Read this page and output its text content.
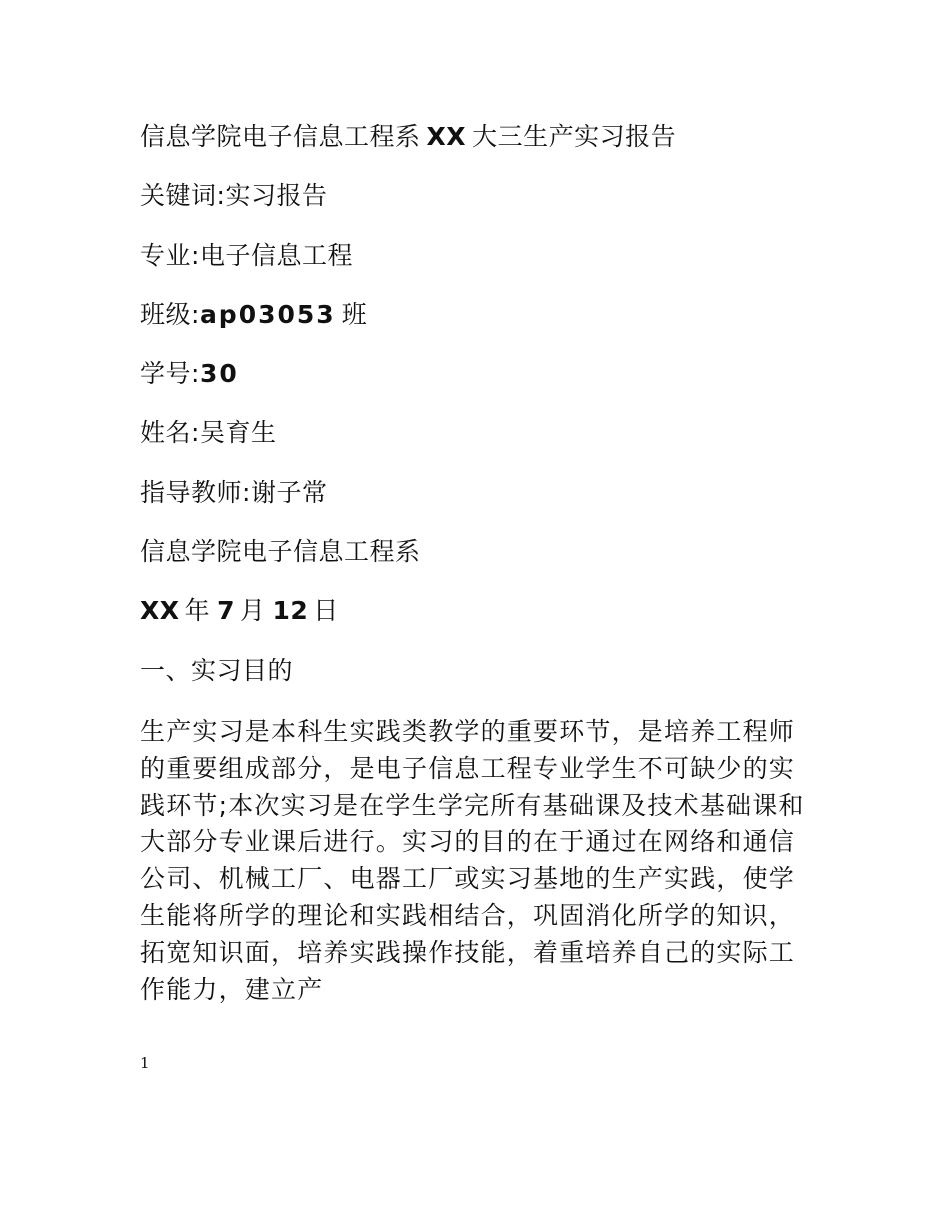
信息学院电子信息工程系 XX 大三生产实习报告
关键词:实习报告
专业:电子信息工程
班级:ap03053 班
学号:30
姓名:吴育生
指导教师:谢子常
信息学院电子信息工程系
XX 年 7 月 12 日
一、实习目的
生产实习是本科生实践类教学的重要环节，是培养工程师的重要组成部分，是电子信息工程专业学生不可缺少的实践环节;本次实习是在学生学完所有基础课及技术基础课和大部分专业课后进行。实习的目的在于通过在网络和通信公司、机械工厂、电器工厂或实习基地的生产实践，使学生能将所学的理论和实践相结合，巩固消化所学的知识，拓宽知识面，培养实践操作技能，着重培养自己的实际工作能力，建立产
1
